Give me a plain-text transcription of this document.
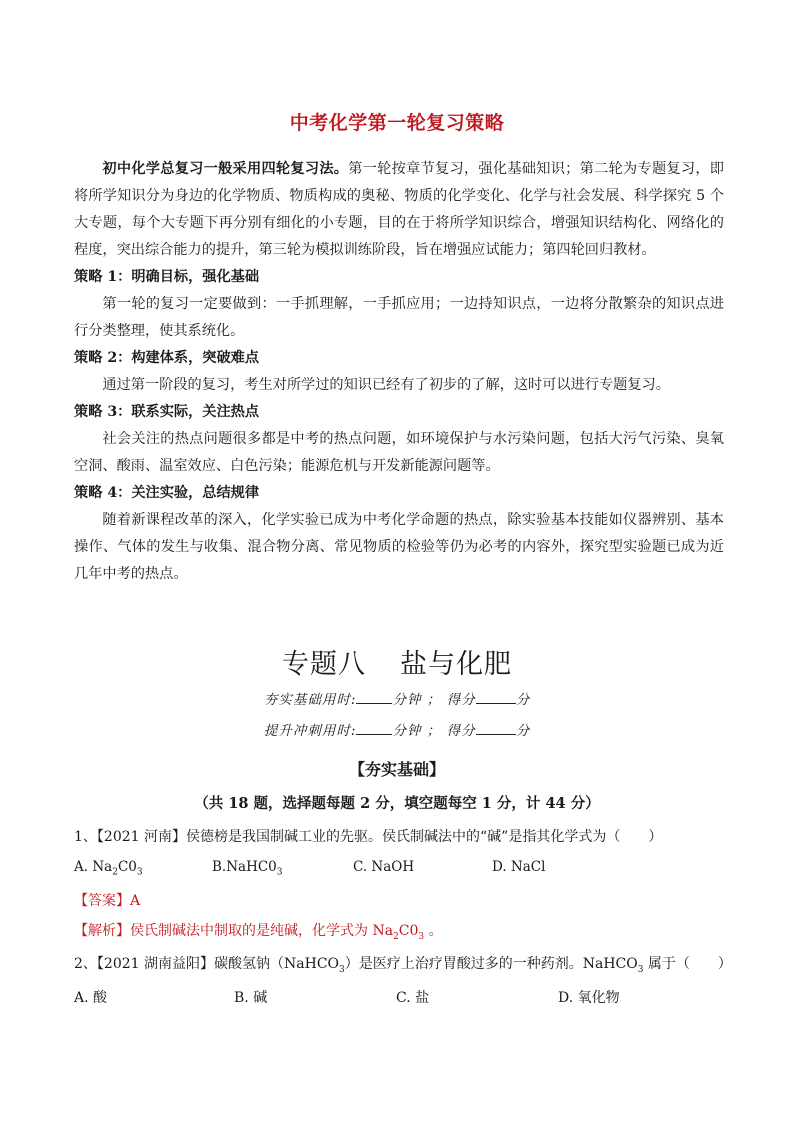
中考化学第一轮复习策略

初中化学总复习一般采用四轮复习法。第一轮按章节复习，强化基础知识；第二轮为专题复习，即将所学知识分为身边的化学物质、物质构成的奥秘、物质的化学变化、化学与社会发展、科学探究 5 个大专题，每个大专题下再分别有细化的小专题，目的在于将所学知识综合，增强知识结构化、网络化的程度，突出综合能力的提升，第三轮为模拟训练阶段，旨在增强应试能力；第四轮回归教材。

策略 1：明确目标，强化基础

第一轮的复习一定要做到：一手抓理解，一手抓应用；一边持知识点，一边将分散繁杂的知识点进行分类整理，使其系统化。

策略 2：构建体系，突破难点

通过第一阶段的复习，考生对所学过的知识已经有了初步的了解，这时可以进行专题复习。

策略 3：联系实际，关注热点

社会关注的热点问题很多都是中考的热点问题，如环境保护与水污染问题，包括大污气污染、臭氧空洞、酸雨、温室效应、白色污染；能源危机与开发新能源问题等。

策略 4：关注实验，总结规律

随着新课程改革的深入，化学实验已成为中考化学命题的热点，除实验基本技能如仪器辨别、基本操作、气体的发生与收集、混合物分离、常见物质的检验等仍为必考的内容外，探究型实验题已成为近几年中考的热点。

专题八 盐与化肥
夯实基础用时:	分钟 ； 得分	分
提升冲刺用时:	分钟 ； 得分	分
【夯实基础】
（共 18 题，选择题每题 2 分，填空题每空 1 分，计 44 分）
1、【2021 河南】侯德榜是我国制碱工业的先驱。侯氏制碱法中的“碱”是指其化学式为（　　）
A. $Na_2C0_3$	$B.NaHC0_3$	C. NaOH	D. NaCl
【答案】A
【解析】侯氏制碱法中制取的是纯碱，化学式为 $Na_2C0_3$ 。
2、【2021 湖南益阳】碳酸氢钠（NaHCO$_3$）是医疗上治疗胃酸过多的一种药剂。NaHCO$_3$ 属于（　　）
A. 酸	B. 碱	C. 盐	D. 氧化物
